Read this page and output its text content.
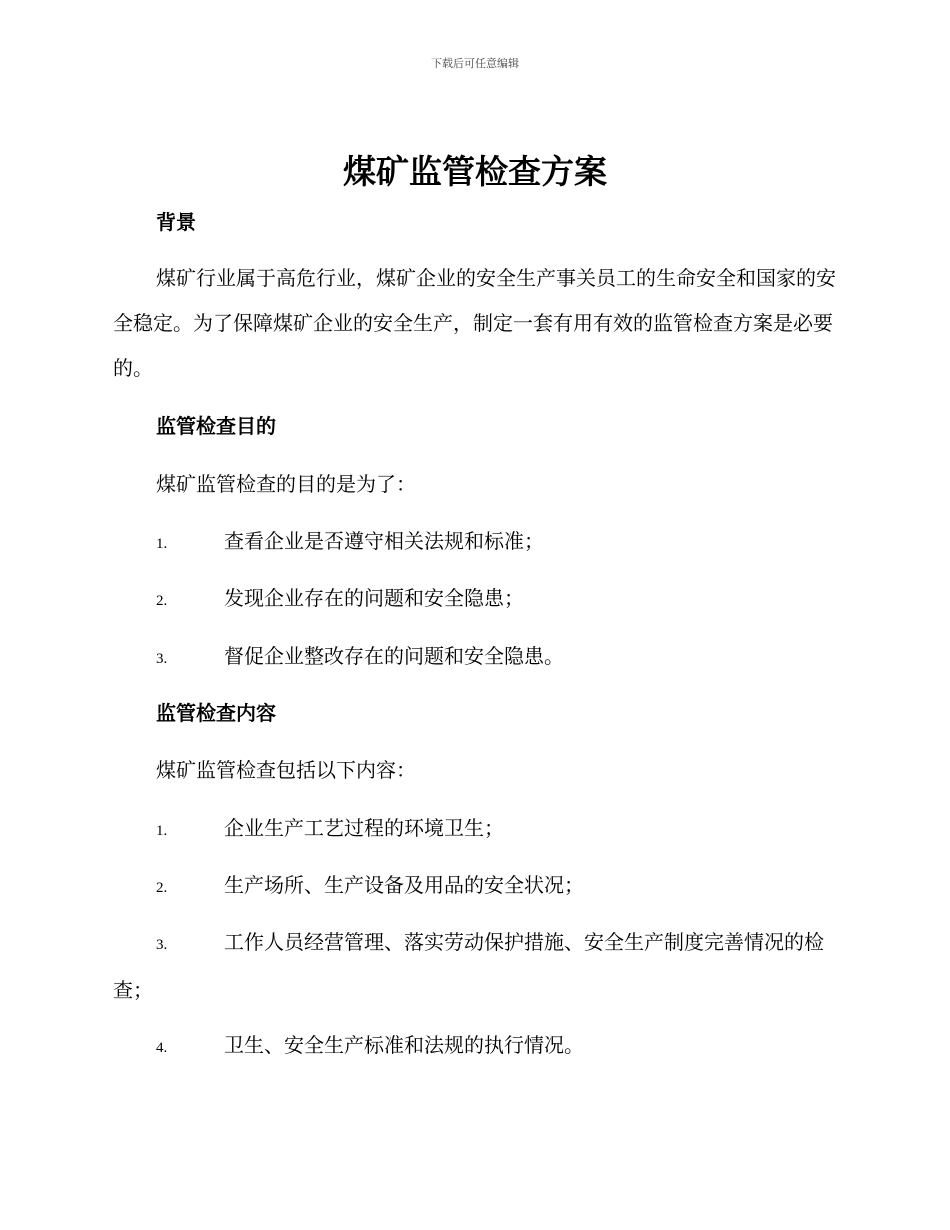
下载后可任意编辑
煤矿监管检查方案
背景

煤矿行业属于高危行业，煤矿企业的安全生产事关员工的生命安全和国家的安全稳定。为了保障煤矿企业的安全生产，制定一套有用有效的监管检查方案是必要的。

监管检查目的

煤矿监管检查的目的是为了：

1.	查看企业是否遵守相关法规和标准；
2.	发现企业存在的问题和安全隐患；
3.	督促企业整改存在的问题和安全隐患。
监管检查内容

煤矿监管检查包括以下内容：

1.	企业生产工艺过程的环境卫生；
2.	生产场所、生产设备及用品的安全状况；
3.	工作人员经营管理、落实劳动保护措施、安全生产制度完善情况的检查；
4.	卫生、安全生产标准和法规的执行情况。
